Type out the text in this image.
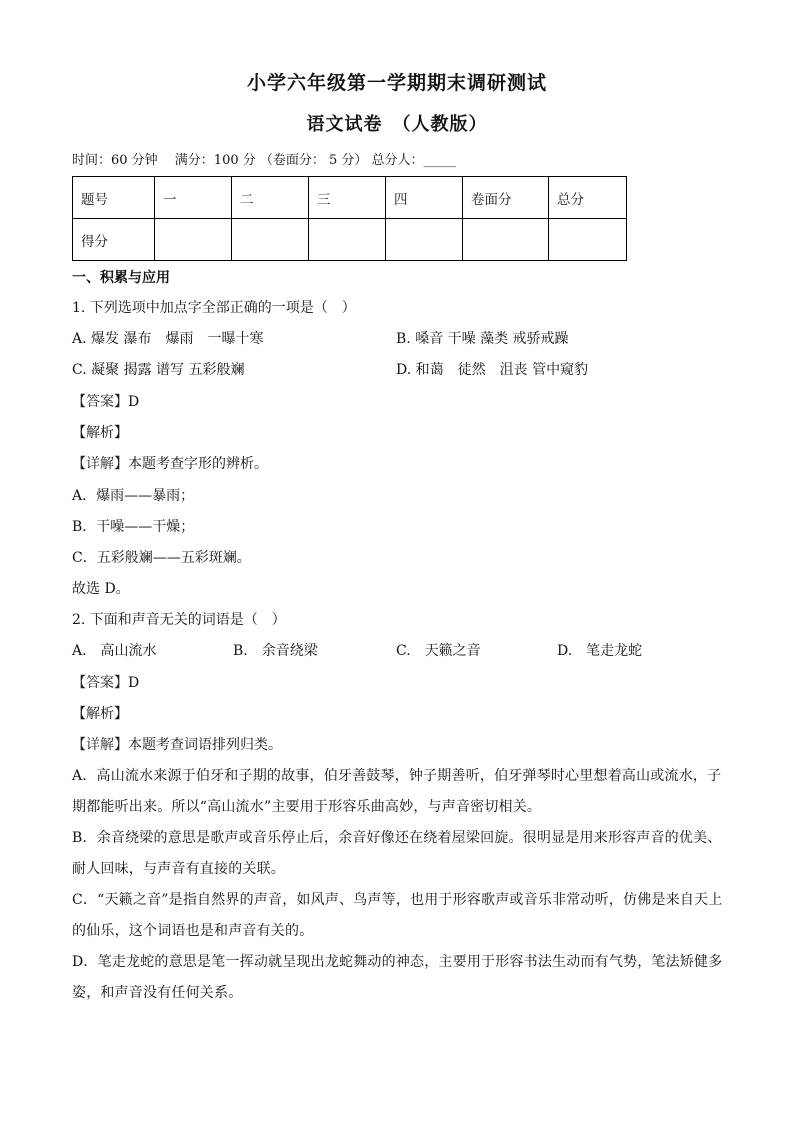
小学六年级第一学期期末调研测试
语文试卷　（人教版）
时间：60 分钟　 满分：100 分 （卷面分： 5 分） 总分人：_____
题号	一	二	三	四	卷面分	总分
得分						
一、积累与应用
1. 下列选项中加点字全部正确的一项是（　）
A. 爆发 瀑布　爆雨　一曝十寒	B. 嗓音 干噪 藻类 戒骄戒躁
C. 凝聚 揭露 谱写 五彩般斓	D. 和蔼　徒然　沮丧 管中窥豹
【答案】D
【解析】
【详解】本题考查字形的辨析。
A．爆雨——暴雨；
B．干噪——干燥；
C．五彩般斓——五彩斑斓。
故选 D。
2. 下面和声音无关的词语是（　）
A.　高山流水	B.　余音绕梁	C.　天籁之音	D.　笔走龙蛇
【答案】D
【解析】
【详解】本题考查词语排列归类。
A．高山流水来源于伯牙和子期的故事，伯牙善鼓琴，钟子期善听，伯牙弹琴时心里想着高山或流水，子期都能听出来。所以“高山流水”主要用于形容乐曲高妙，与声音密切相关。
B．余音绕梁的意思是歌声或音乐停止后，余音好像还在绕着屋梁回旋。很明显是用来形容声音的优美、耐人回味，与声音有直接的关联。
C．“天籁之音”是指自然界的声音，如风声、鸟声等，也用于形容歌声或音乐非常动听，仿佛是来自天上的仙乐，这个词语也是和声音有关的。
D．笔走龙蛇的意思是笔一挥动就呈现出龙蛇舞动的神态，主要用于形容书法生动而有气势，笔法矫健多姿，和声音没有任何关系。
